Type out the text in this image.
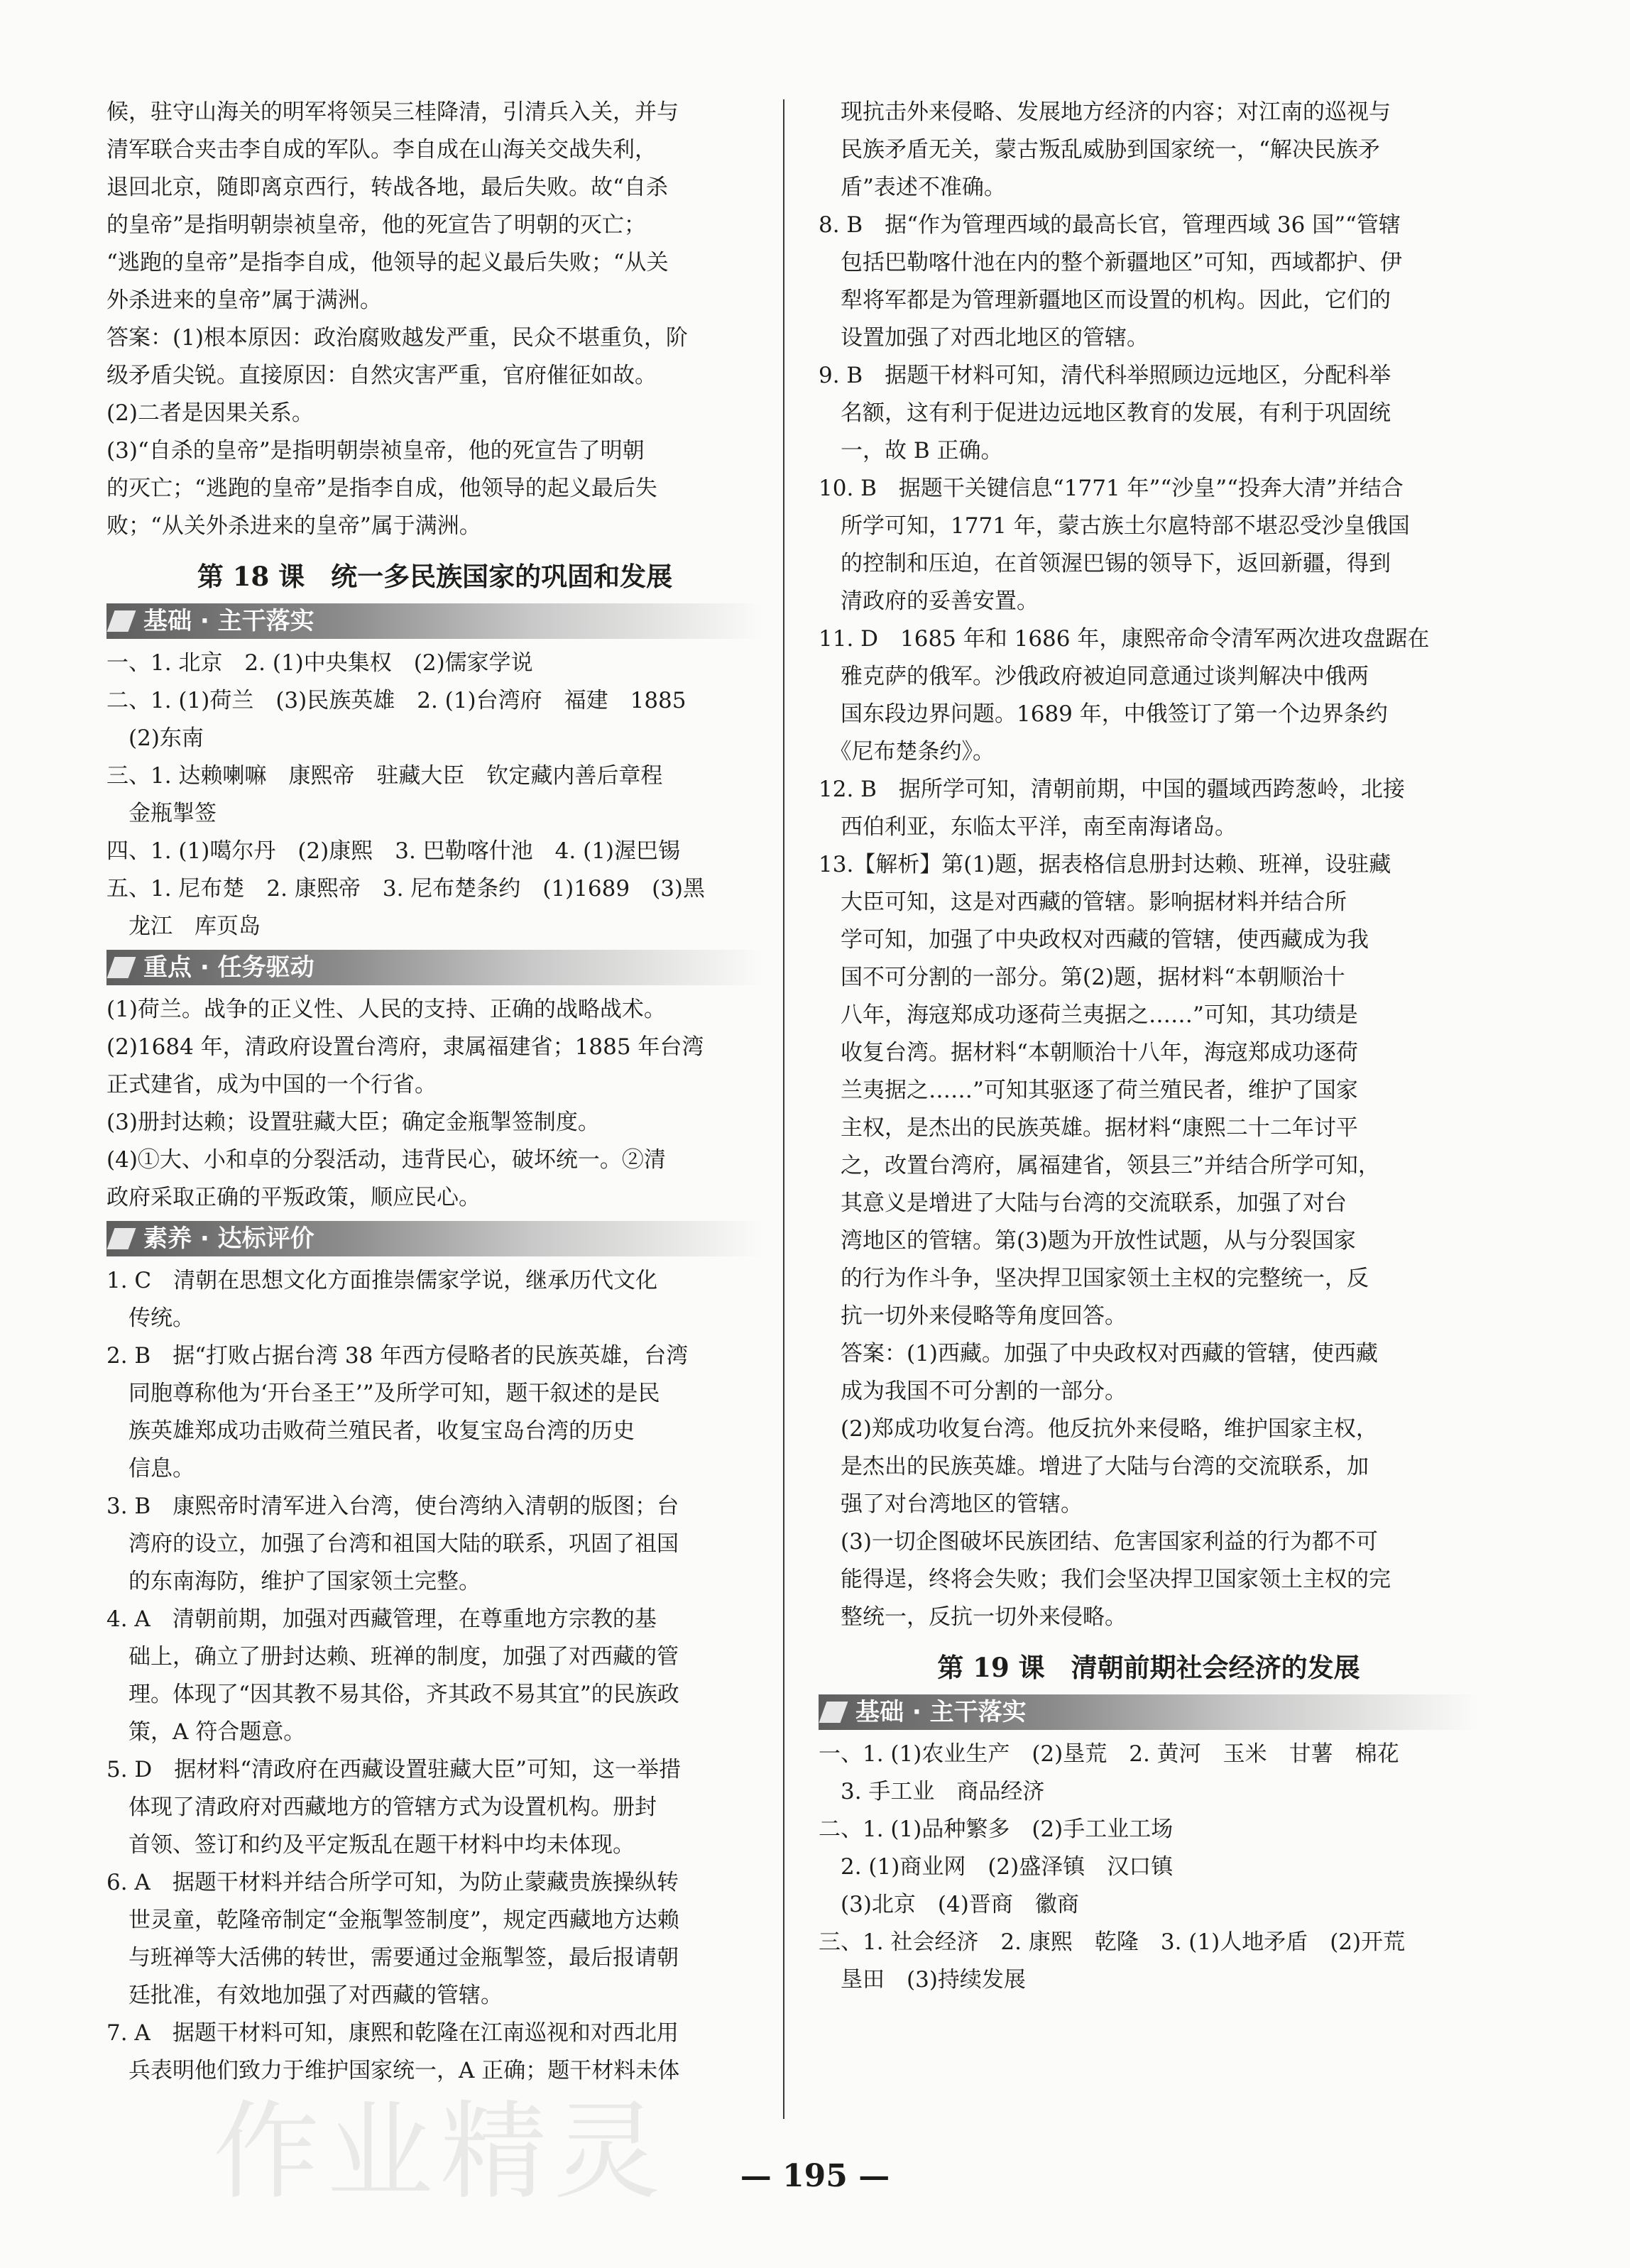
候，驻守山海关的明军将领吴三桂降清，引清兵入关，并与

清军联合夹击李自成的军队。李自成在山海关交战失利，

退回北京，随即离京西行，转战各地，最后失败。故“自杀

的皇帝”是指明朝崇祯皇帝，他的死宣告了明朝的灭亡；

“逃跑的皇帝”是指李自成，他领导的起义最后失败；“从关

外杀进来的皇帝”属于满洲。

答案：(1)根本原因：政治腐败越发严重，民众不堪重负，阶

级矛盾尖锐。直接原因：自然灾害严重，官府催征如故。

(2)二者是因果关系。

(3)“自杀的皇帝”是指明朝崇祯皇帝，他的死宣告了明朝

的灭亡；“逃跑的皇帝”是指李自成，他领导的起义最后失

败；“从关外杀进来的皇帝”属于满洲。

第 18 课　统一多民族国家的巩固和发展
基础 · 主干落实

一、1. 北京　2. (1)中央集权　(2)儒家学说

二、1. (1)荷兰　(3)民族英雄　2. (1)台湾府　福建　1885

　(2)东南

三、1. 达赖喇嘛　康熙帝　驻藏大臣　钦定藏内善后章程

　金瓶掣签

四、1. (1)噶尔丹　(2)康熙　3. 巴勒喀什池　4. (1)渥巴锡

五、1. 尼布楚　2. 康熙帝　3. 尼布楚条约　(1)1689　(3)黑

　龙江　库页岛

重点 · 任务驱动

(1)荷兰。战争的正义性、人民的支持、正确的战略战术。

(2)1684 年，清政府设置台湾府，隶属福建省；1885 年台湾

正式建省，成为中国的一个行省。

(3)册封达赖；设置驻藏大臣；确定金瓶掣签制度。

(4)①大、小和卓的分裂活动，违背民心，破坏统一。②清

政府采取正确的平叛政策，顺应民心。

素养 · 达标评价

1. C　清朝在思想文化方面推崇儒家学说，继承历代文化

　传统。

2. B　据“打败占据台湾 38 年西方侵略者的民族英雄，台湾

　同胞尊称他为‘开台圣王’”及所学可知，题干叙述的是民

　族英雄郑成功击败荷兰殖民者，收复宝岛台湾的历史

　信息。

3. B　康熙帝时清军进入台湾，使台湾纳入清朝的版图；台

　湾府的设立，加强了台湾和祖国大陆的联系，巩固了祖国

　的东南海防，维护了国家领土完整。

4. A　清朝前期，加强对西藏管理，在尊重地方宗教的基

　础上，确立了册封达赖、班禅的制度，加强了对西藏的管

　理。体现了“因其教不易其俗，齐其政不易其宜”的民族政

　策，A 符合题意。

5. D　据材料“清政府在西藏设置驻藏大臣”可知，这一举措

　体现了清政府对西藏地方的管辖方式为设置机构。册封

　首领、签订和约及平定叛乱在题干材料中均未体现。

6. A　据题干材料并结合所学可知，为防止蒙藏贵族操纵转

　世灵童，乾隆帝制定“金瓶掣签制度”，规定西藏地方达赖

　与班禅等大活佛的转世，需要通过金瓶掣签，最后报请朝

　廷批准，有效地加强了对西藏的管辖。

7. A　据题干材料可知，康熙和乾隆在江南巡视和对西北用

　兵表明他们致力于维护国家统一，A 正确；题干材料未体

　现抗击外来侵略、发展地方经济的内容；对江南的巡视与

　民族矛盾无关，蒙古叛乱威胁到国家统一，“解决民族矛

　盾”表述不准确。

8. B　据“作为管理西域的最高长官，管理西域 36 国”“管辖

　包括巴勒喀什池在内的整个新疆地区”可知，西域都护、伊

　犁将军都是为管理新疆地区而设置的机构。因此，它们的

　设置加强了对西北地区的管辖。

9. B　据题干材料可知，清代科举照顾边远地区，分配科举

　名额，这有利于促进边远地区教育的发展，有利于巩固统

　一，故 B 正确。

10. B　据题干关键信息“1771 年”“沙皇”“投奔大清”并结合

　所学可知，1771 年，蒙古族土尔扈特部不堪忍受沙皇俄国

　的控制和压迫，在首领渥巴锡的领导下，返回新疆，得到

　清政府的妥善安置。

11. D　1685 年和 1686 年，康熙帝命令清军两次进攻盘踞在

　雅克萨的俄军。沙俄政府被迫同意通过谈判解决中俄两

　国东段边界问题。1689 年，中俄签订了第一个边界条约

　《尼布楚条约》。

12. B　据所学可知，清朝前期，中国的疆域西跨葱岭，北接

　西伯利亚，东临太平洋，南至南海诸岛。

13.【解析】第(1)题，据表格信息册封达赖、班禅，设驻藏

　大臣可知，这是对西藏的管辖。影响据材料并结合所

　学可知，加强了中央政权对西藏的管辖，使西藏成为我

　国不可分割的一部分。第(2)题，据材料“本朝顺治十

　八年，海寇郑成功逐荷兰夷据之……”可知，其功绩是

　收复台湾。据材料“本朝顺治十八年，海寇郑成功逐荷

　兰夷据之……”可知其驱逐了荷兰殖民者，维护了国家

　主权，是杰出的民族英雄。据材料“康熙二十二年讨平

　之，改置台湾府，属福建省，领县三”并结合所学可知，

　其意义是增进了大陆与台湾的交流联系，加强了对台

　湾地区的管辖。第(3)题为开放性试题，从与分裂国家

　的行为作斗争，坚决捍卫国家领土主权的完整统一，反

　抗一切外来侵略等角度回答。

　答案：(1)西藏。加强了中央政权对西藏的管辖，使西藏

　成为我国不可分割的一部分。

　(2)郑成功收复台湾。他反抗外来侵略，维护国家主权，

　是杰出的民族英雄。增进了大陆与台湾的交流联系，加

　强了对台湾地区的管辖。

　(3)一切企图破坏民族团结、危害国家利益的行为都不可

　能得逞，终将会失败；我们会坚决捍卫国家领土主权的完

　整统一，反抗一切外来侵略。

第 19 课　清朝前期社会经济的发展
基础 · 主干落实

一、1. (1)农业生产　(2)垦荒　2. 黄河　玉米　甘薯　棉花

　3. 手工业　商品经济

二、1. (1)品种繁多　(2)手工业工场

　2. (1)商业网　(2)盛泽镇　汉口镇

　(3)北京　(4)晋商　徽商

三、1. 社会经济　2. 康熙　乾隆　3. (1)人地矛盾　(2)开荒

　垦田　(3)持续发展

作业精灵	— 195 —
